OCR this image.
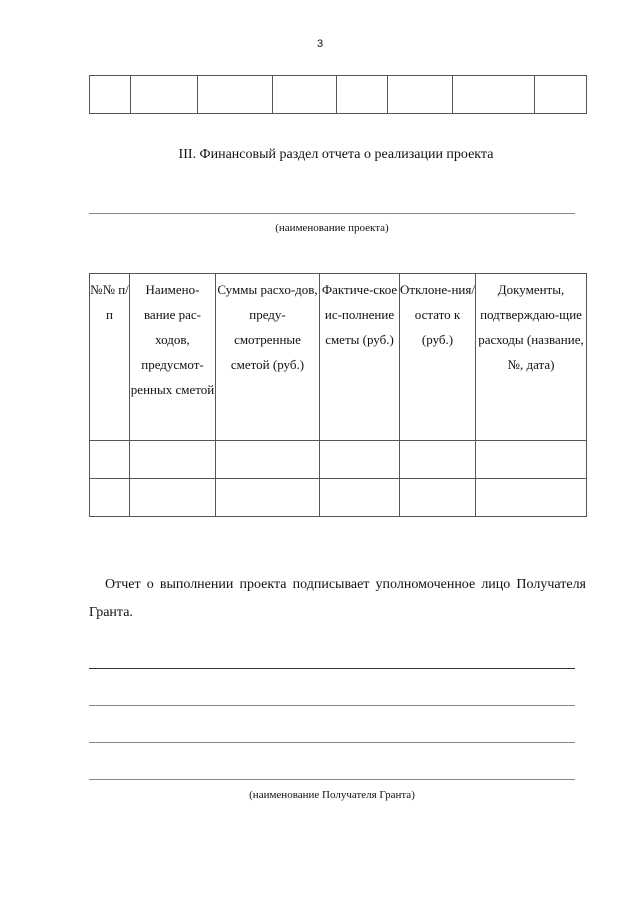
3

III. Финансовый раздел отчета о реализации проекта
(наименование проекта)
№№ п/п	Наимено-вание рас-ходов, предусмот-ренных сметой	Суммы расхо-дов, преду-смотренные сметой (руб.)	Фактиче-ское ис-полнение сметы (руб.)	Отклоне-ния/остато к (руб.)	Документы, подтверждаю-щие расходы (название, №, дата)

Отчет о выполнении проекта подписывает уполномоченное лицо Получателя Гранта.
(наименование Получателя Гранта)
